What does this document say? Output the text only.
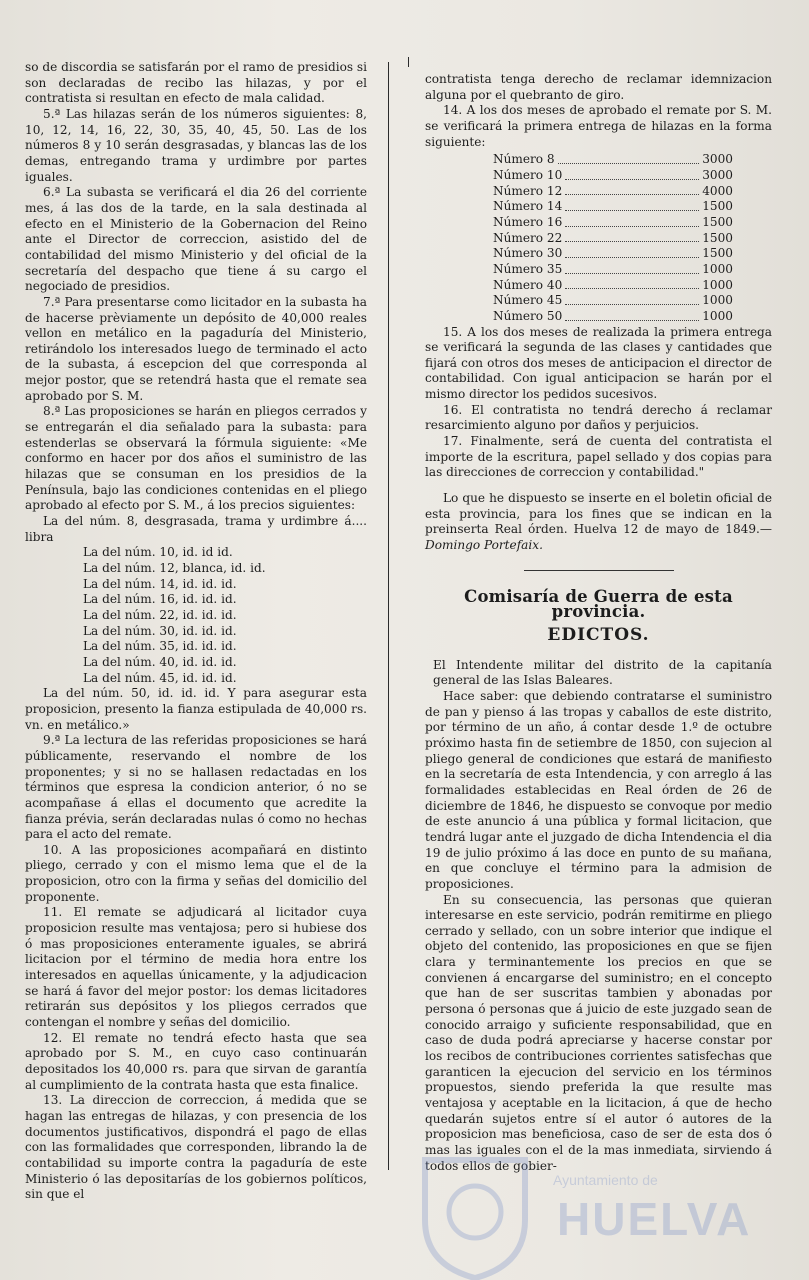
so de discordia se satisfarán por el ramo de presidios si son declaradas de recibo las hilazas, y por el contratista si resultan en efecto de mala calidad.

5.ª Las hilazas serán de los números siguientes: 8, 10, 12, 14, 16, 22, 30, 35, 40, 45, 50. Las de los números 8 y 10 serán desgrasadas, y blancas las de los demas, entregando trama y urdimbre por partes iguales.

6.ª La subasta se verificará el dia 26 del corriente mes, á las dos de la tarde, en la sala destinada al efecto en el Ministerio de la Gobernacion del Reino ante el Director de correccion, asistido del de contabilidad del mismo Ministerio y del oficial de la secretaría del despacho que tiene á su cargo el negociado de presidios.

7.ª Para presentarse como licitador en la subasta ha de hacerse prèviamente un depósito de 40,000 reales vellon en metálico en la pagaduría del Ministerio, retirándolo los interesados luego de terminado el acto de la subasta, á escepcion del que corresponda al mejor postor, que se retendrá hasta que el remate sea aprobado por S. M.

8.ª Las proposiciones se harán en pliegos cerrados y se entregarán el dia señalado para la subasta: para estenderlas se observará la fórmula siguiente: «Me conformo en hacer por dos años el suministro de las hilazas que se consuman en los presidios de la Península, bajo las condiciones contenidas en el pliego aprobado al efecto por S. M., á los precios siguientes:

La del núm. 8, desgrasada, trama y urdimbre á.... libra

La del núm. 10, id. id id.

La del núm. 12, blanca, id. id.

La del núm. 14, id. id. id.

La del núm. 16, id. id. id.

La del núm. 22, id. id. id.

La del núm. 30, id. id. id.

La del núm. 35, id. id. id.

La del núm. 40, id. id. id.

La del núm. 45, id. id. id.

La del núm. 50, id. id. id. Y para asegurar esta proposicion, presento la fianza estipulada de 40,000 rs. vn. en metálico.»

9.ª La lectura de las referidas proposiciones se hará públicamente, reservando el nombre de los proponentes; y si no se hallasen redactadas en los términos que espresa la condicion anterior, ó no se acompañase á ellas el documento que acredite la fianza prévia, serán declaradas nulas ó como no hechas para el acto del remate.

10. A las proposiciones acompañará en distinto pliego, cerrado y con el mismo lema que el de la proposicion, otro con la firma y señas del domicilio del proponente.

11. El remate se adjudicará al licitador cuya proposicion resulte mas ventajosa; pero si hubiese dos ó mas proposiciones enteramente iguales, se abrirá licitacion por el término de media hora entre los interesados en aquellas únicamente, y la adjudicacion se hará á favor del mejor postor: los demas licitadores retirarán sus depósitos y los pliegos cerrados que contengan el nombre y señas del domicilio.

12. El remate no tendrá efecto hasta que sea aprobado por S. M., en cuyo caso continuarán depositados los 40,000 rs. para que sirvan de garantía al cumplimiento de la contrata hasta que esta finalice.

13. La direccion de correccion, á medida que se hagan las entregas de hilazas, y con presencia de los documentos justificativos, dispondrá el pago de ellas con las formalidades que corresponden, librando la de contabilidad su importe contra la pagaduría de este Ministerio ó las depositarías de los gobiernos políticos, sin que el

contratista tenga derecho de reclamar idemnizacion alguna por el quebranto de giro.

14. A los dos meses de aprobado el remate por S. M. se verificará la primera entrega de hilazas en la forma siguiente:

Número 8	3000
Número 10	3000
Número 12	4000
Número 14	1500
Número 16	1500
Número 22	1500
Número 30	1500
Número 35	1000
Número 40	1000
Número 45	1000
Número 50	1000

15. A los dos meses de realizada la primera entrega se verificará la segunda de las clases y cantidades que fijará con otros dos meses de anticipacion el director de contabilidad. Con igual anticipacion se harán por el mismo director los pedidos sucesivos.

16. El contratista no tendrá derecho á reclamar resarcimiento alguno por daños y perjuicios.

17. Finalmente, será de cuenta del contratista el importe de la escritura, papel sellado y dos copias para las direcciones de correccion y contabilidad."

Lo que he dispuesto se inserte en el boletin oficial de esta provincia, para los fines que se indican en la preinserta Real órden. Huelva 12 de mayo de 1849.—Domingo Portefaix.

Comisaría de Guerra de esta provincia.
EDICTOS.

El Intendente militar del distrito de la capitanía general de las Islas Baleares.

Hace saber: que debiendo contratarse el suministro de pan y pienso á las tropas y caballos de este distrito, por término de un año, á contar desde 1.º de octubre próximo hasta fin de setiembre de 1850, con sujecion al pliego general de condiciones que estará de manifiesto en la secretaría de esta Intendencia, y con arreglo á las formalidades establecidas en Real órden de 26 de diciembre de 1846, he dispuesto se convoque por medio de este anuncio á una pública y formal licitacion, que tendrá lugar ante el juzgado de dicha Intendencia el dia 19 de julio próximo á las doce en punto de su mañana, en que concluye el término para la admision de proposiciones.

En su consecuencia, las personas que quieran interesarse en este servicio, podrán remitirme en pliego cerrado y sellado, con un sobre interior que indique el objeto del contenido, las proposiciones en que se fijen clara y terminantemente los precios en que se convienen á encargarse del suministro; en el concepto que han de ser suscritas tambien y abonadas por persona ó personas que á juicio de este juzgado sean de conocido arraigo y suficiente responsabilidad, que en caso de duda podrá apreciarse y hacerse constar por los recibos de contribuciones corrientes satisfechas que garanticen la ejecucion del servicio en los términos propuestos, siendo preferida la que resulte mas ventajosa y aceptable en la licitacion, á que de hecho quedarán sujetos entre sí el autor ó autores de la proposicion mas beneficiosa, caso de ser de esta dos ó mas las iguales con el de la mas inmediata, sirviendo á todos ellos de gobier-

Ayuntamiento de
HUELVA
